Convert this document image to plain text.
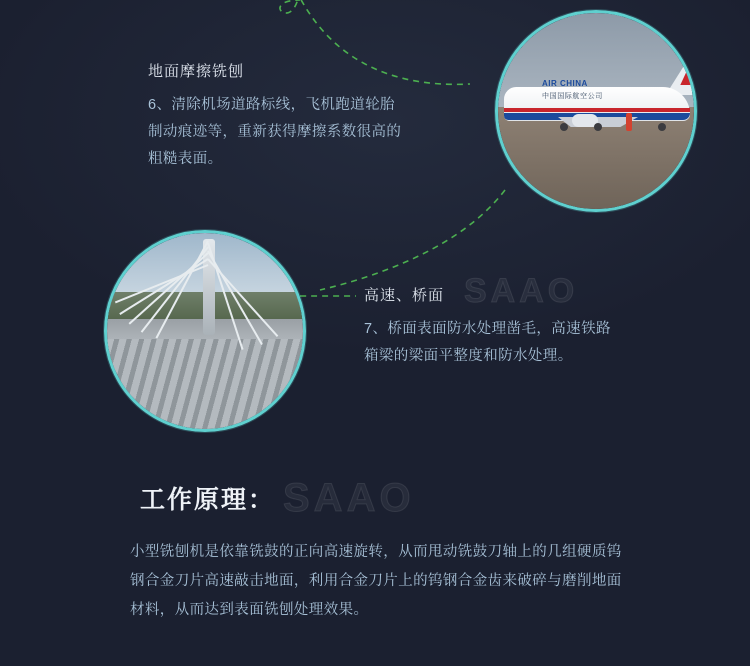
AIR CHINA
中国国际航空公司
地面摩擦铣刨
6、清除机场道路标线，飞机跑道轮胎制动痕迹等，重新获得摩擦系数很高的粗糙表面。
高速、桥面
7、桥面表面防水处理凿毛，高速铁路箱梁的梁面平整度和防水处理。
SAAO
SAAO
工作原理：
小型铣刨机是依靠铣鼓的正向高速旋转，从而甩动铣鼓刀轴上的几组硬质钨钢合金刀片高速敲击地面，利用合金刀片上的钨钢合金齿来破碎与磨削地面材料，从而达到表面铣刨处理效果。
